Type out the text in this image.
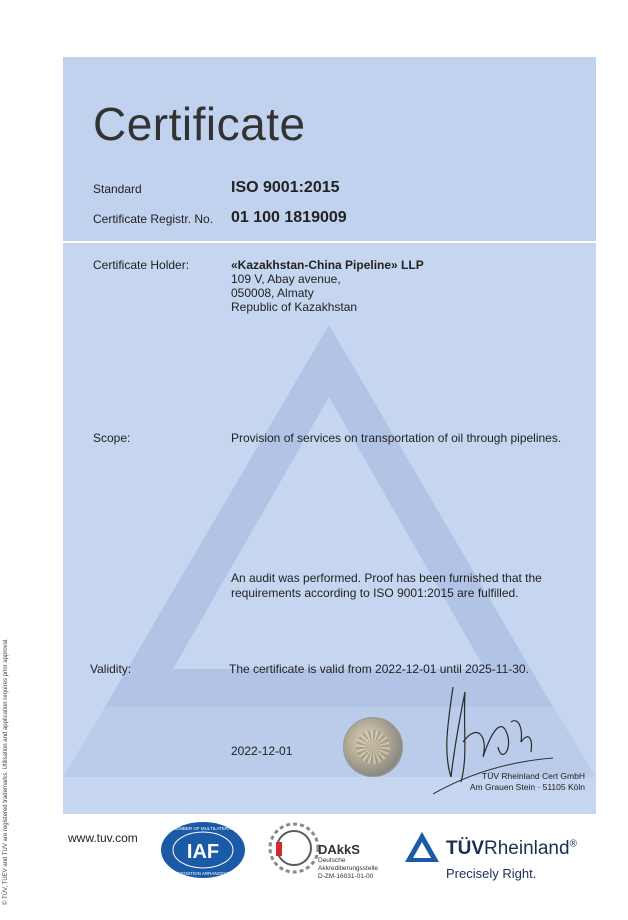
Certificate
Standard	ISO 9001:2015
Certificate Registr. No. 01 100 1819009
Certificate Holder:	«Kazakhstan-China Pipeline» LLP
109 V, Abay avenue,
050008, Almaty
Republic of Kazakhstan
Scope:	Provision of services on transportation of oil through pipelines.
An audit was performed. Proof has been furnished that the
requirements according to ISO 9001:2015 are fulfilled.
Validity:	The certificate is valid from 2022-12-01 until 2025-11-30.
2022-12-01
TÜV Rheinland Cert GmbH
Am Grauen Stein · 51105 Köln
© TÜV, TÜEV and TUV are registered trademarks. Utilisation and application requires prior approval.	www.tuv.com
IAF
MEMBER OF MULTILATERAL
RECOGNITION ARRANGEMENT
DAkkS
Deutsche
Akkreditierungsstelle
D-ZM-16031-01-00
TÜVRheinland®
Precisely Right.
